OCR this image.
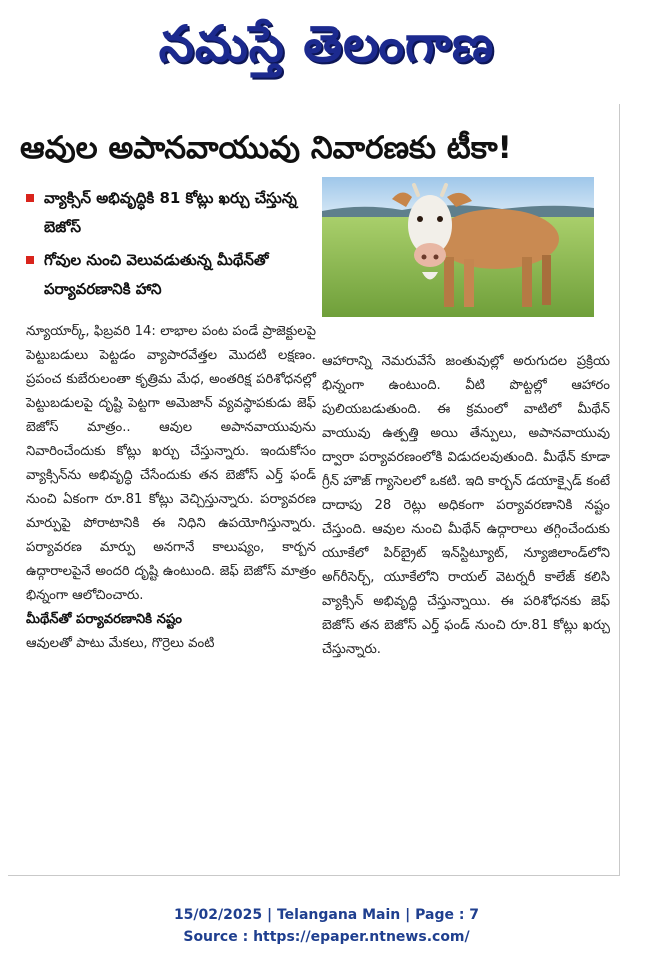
నమస్తే తెలంగాణ
ఆవుల అపానవాయువు నివారణకు టీకా!
వ్యాక్సిన్ అభివృద్ధికి 81 కోట్లు ఖర్చు చేస్తున్న బెజోస్
గోవుల నుంచి వెలువడుతున్న మీథేన్‌తో పర్యావరణానికి హాని

న్యూయార్క్, ఫిబ్రవరి 14: లాభాల పంట పండే ప్రాజెక్టులపై పెట్టుబడులు పెట్టడం వ్యాపారవేత్తల మొదటి లక్షణం. ప్రపంచ కుబేరులంతా కృత్రిమ మేధ, అంతరిక్ష పరిశోధనల్లో పెట్టుబడులపై దృష్టి పెట్టగా అమెజాన్ వ్యవస్థాపకుడు జెఫ్ బెజోస్ మాత్రం.. ఆవుల అపానవాయువును నివారించేందుకు కోట్లు ఖర్చు చేస్తున్నారు. ఇందుకోసం వ్యాక్సిన్‌ను అభివృద్ధి చేసేందుకు తన బెజోస్ ఎర్త్ ఫండ్ నుంచి ఏకంగా రూ.81 కోట్లు వెచ్చిస్తున్నారు. పర్యావరణ మార్పుపై పోరాటానికి ఈ నిధిని ఉపయోగిస్తున్నారు. పర్యావరణ మార్పు అనగానే కాలుష్యం, కార్బన ఉద్గారాలపైనే అందరి దృష్టి ఉంటుంది. జెఫ్ బెజోస్ మాత్రం భిన్నంగా ఆలోచించారు.

మీథేన్‌తో పర్యావరణానికి నష్టం

ఆవులతో పాటు మేకలు, గొర్రెలు వంటి

ఆహారాన్ని నెమరువేసే జంతువుల్లో అరుగుదల ప్రక్రియ భిన్నంగా ఉంటుంది. వీటి పొట్టల్లో ఆహారం పులియబడుతుంది. ఈ క్రమంలో వాటిలో మీథేన్ వాయువు ఉత్పత్తి అయి తేన్పులు, అపానవాయువు ద్వారా పర్యావరణంలోకి విడుదలవుతుంది. మీథేన్ కూడా గ్రీన్ హౌజ్ గ్యాసెలలో ఒకటి. ఇది కార్బన్ డయాక్సైడ్ కంటే దాదాపు 28 రెట్లు అధికంగా పర్యావరణానికి నష్టం చేస్తుంది. ఆవుల నుంచి మీథేన్ ఉద్గారాలు తగ్గించేందుకు యూకేలో పిర్‌బ్రైట్ ఇన్‌స్టిట్యూట్, న్యూజిలాండ్‌లోని అగ్‌రీసెర్చ్, యూకేలోని రాయల్ వెటర్నరీ కాలేజ్ కలిసి వ్యాక్సిన్ అభివృద్ధి చేస్తున్నాయి. ఈ పరిశోధనకు జెఫ్ బెజోస్ తన బెజోస్ ఎర్త్ ఫండ్ నుంచి రూ.81 కోట్లు ఖర్చు చేస్తున్నారు.

15/02/2025 | Telangana Main | Page : 7
Source : https://epaper.ntnews.com/
